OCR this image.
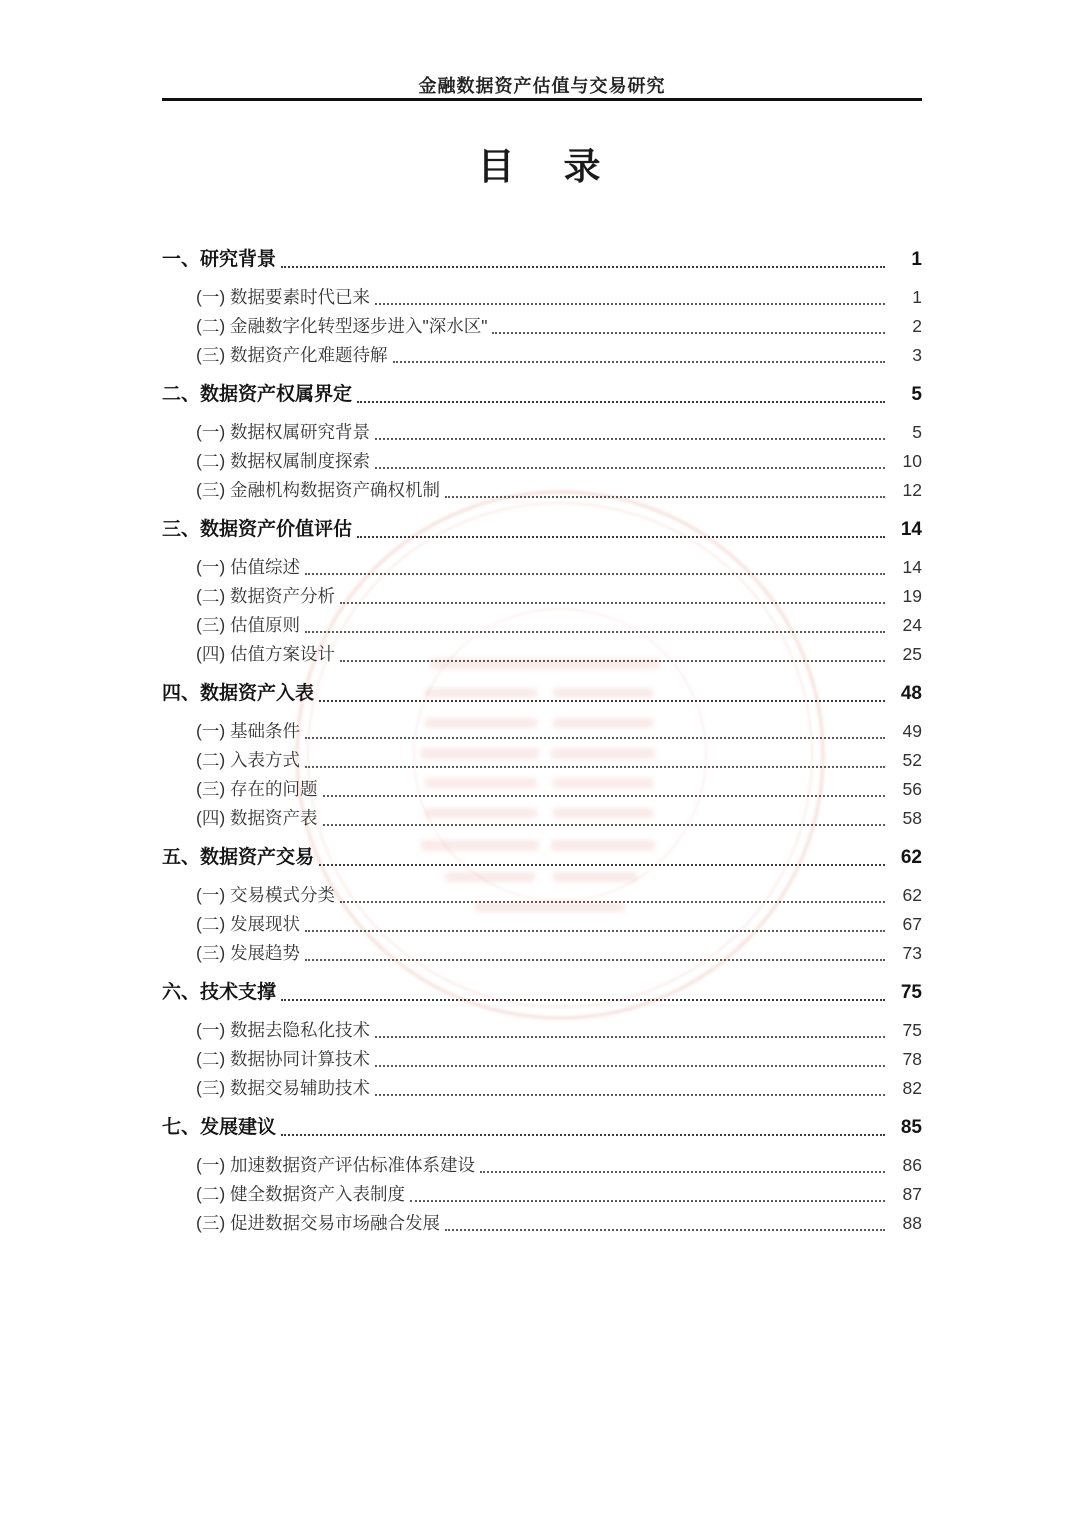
金融数据资产估值与交易研究
目　录
一、研究背景	1
(一) 数据要素时代已来	1
(二) 金融数字化转型逐步进入"深水区"	2
(三) 数据资产化难题待解	3
二、数据资产权属界定	5
(一) 数据权属研究背景	5
(二) 数据权属制度探索	10
(三) 金融机构数据资产确权机制	12
三、数据资产价值评估	14
(一) 估值综述	14
(二) 数据资产分析	19
(三) 估值原则	24
(四) 估值方案设计	25
四、数据资产入表	48
(一) 基础条件	49
(二) 入表方式	52
(三) 存在的问题	56
(四) 数据资产表	58
五、数据资产交易	62
(一) 交易模式分类	62
(二) 发展现状	67
(三) 发展趋势	73
六、技术支撑	75
(一) 数据去隐私化技术	75
(二) 数据协同计算技术	78
(三) 数据交易辅助技术	82
七、发展建议	85
(一) 加速数据资产评估标准体系建设	86
(二) 健全数据资产入表制度	87
(三) 促进数据交易市场融合发展	88
